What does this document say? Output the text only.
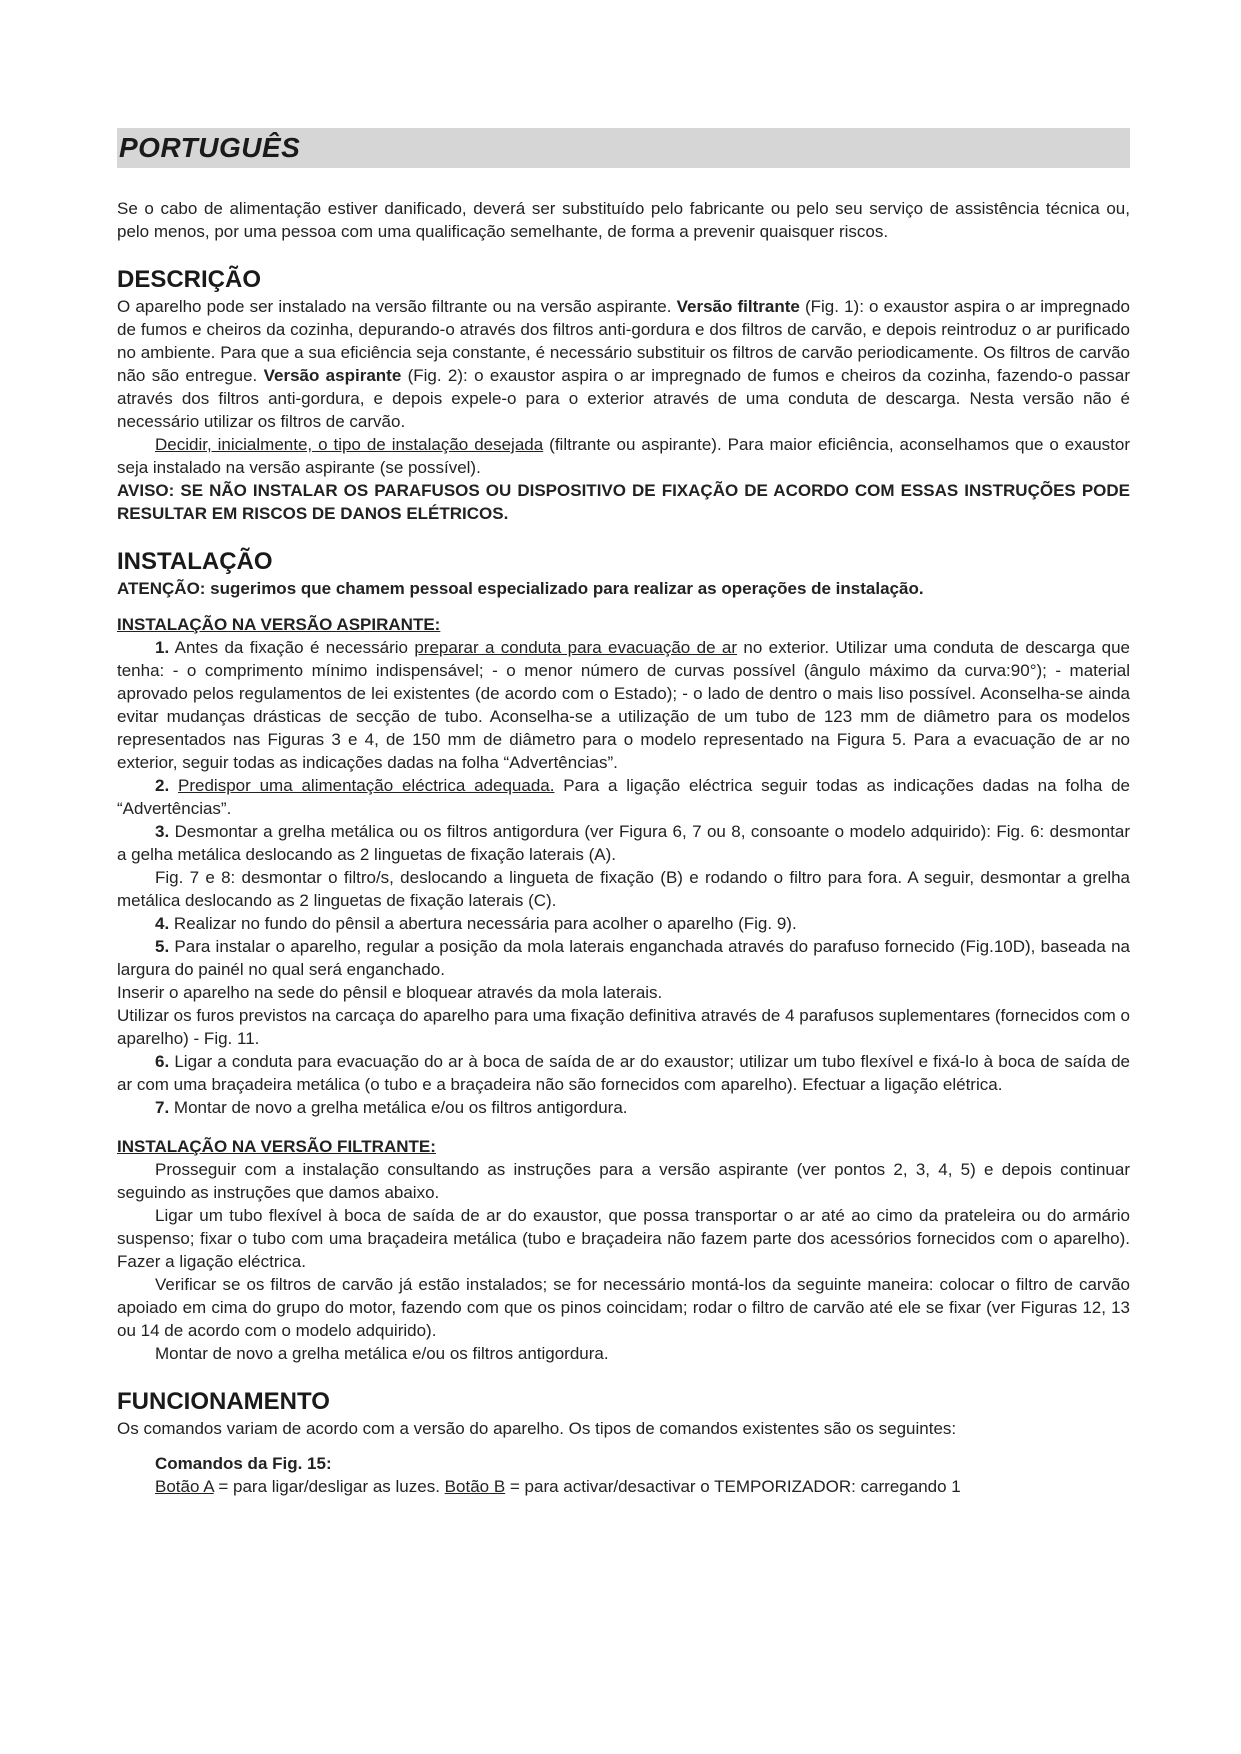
PORTUGUÊS

Se o cabo de alimentação estiver danificado, deverá ser substituído pelo fabricante ou pelo seu serviço de assistência técnica ou, pelo menos, por uma pessoa com uma qualificação semelhante, de forma a prevenir quaisquer riscos.

DESCRIÇÃO

O aparelho pode ser instalado na versão filtrante ou na versão aspirante. Versão filtrante (Fig. 1): o exaustor aspira o ar impregnado de fumos e cheiros da cozinha, depurando-o através dos filtros anti-gordura e dos filtros de carvão, e depois reintroduz o ar purificado no ambiente. Para que a sua eficiência seja constante, é necessário substituir os filtros de carvão periodicamente. Os filtros de carvão não são entregue. Versão aspirante (Fig. 2): o exaustor aspira o ar impregnado de fumos e cheiros da cozinha, fazendo-o passar através dos filtros anti-gordura, e depois expele-o para o exterior através de uma conduta de descarga. Nesta versão não é necessário utilizar os filtros de carvão.

Decidir, inicialmente, o tipo de instalação desejada (filtrante ou aspirante). Para maior eficiência, aconselhamos que o exaustor seja instalado na versão aspirante (se possível).

AVISO: SE NÃO INSTALAR OS PARAFUSOS OU DISPOSITIVO DE FIXAÇÃO DE ACORDO COM ESSAS INSTRUÇÕES PODE RESULTAR EM RISCOS DE DANOS ELÉTRICOS.

INSTALAÇÃO

ATENÇÃO: sugerimos que chamem pessoal especializado para realizar as operações de instalação.

INSTALAÇÃO NA VERSÃO ASPIRANTE:

1. Antes da fixação é necessário preparar a conduta para evacuação de ar no exterior. Utilizar uma conduta de descarga que tenha: - o comprimento mínimo indispensável; - o menor número de curvas possível (ângulo máximo da curva:90°); - material aprovado pelos regulamentos de lei existentes (de acordo com o Estado); - o lado de dentro o mais liso possível. Aconselha-se ainda evitar mudanças drásticas de secção de tubo. Aconselha-se a utilização de um tubo de 123 mm de diâmetro para os modelos representados nas Figuras 3 e 4, de 150 mm de diâmetro para o modelo representado na Figura 5. Para a evacuação de ar no exterior, seguir todas as indicações dadas na folha “Advertências”.

2. Predispor uma alimentação eléctrica adequada. Para a ligação eléctrica seguir todas as indicações dadas na folha de “Advertências”.

3. Desmontar a grelha metálica ou os filtros antigordura (ver Figura 6, 7 ou 8, consoante o modelo adquirido): Fig. 6: desmontar a gelha metálica deslocando as 2 linguetas de fixação laterais (A).

Fig. 7 e 8: desmontar o filtro/s, deslocando a lingueta de fixação (B) e rodando o filtro para fora. A seguir, desmontar a grelha metálica deslocando as 2 linguetas de fixação laterais (C).

4. Realizar no fundo do pênsil a abertura necessária para acolher o aparelho (Fig. 9).

5. Para instalar o aparelho, regular a posição da mola laterais enganchada através do parafuso fornecido (Fig.10D), baseada na largura do painél no qual será enganchado.

Inserir o aparelho na sede do pênsil e bloquear através da mola laterais.

Utilizar os furos previstos na carcaça do aparelho para uma fixação definitiva através de 4 parafusos suplementares (fornecidos com o aparelho) - Fig. 11.

6. Ligar a conduta para evacuação do ar à boca de saída de ar do exaustor; utilizar um tubo flexível e fixá-lo à boca de saída de ar com uma braçadeira metálica (o tubo e a braçadeira não são fornecidos com aparelho). Efectuar a ligação elétrica.

7. Montar de novo a grelha metálica e/ou os filtros antigordura.

INSTALAÇÃO NA VERSÃO FILTRANTE:

Prosseguir com a instalação consultando as instruções para a versão aspirante (ver pontos 2, 3, 4, 5) e depois continuar seguindo as instruções que damos abaixo.

Ligar um tubo flexível à boca de saída de ar do exaustor, que possa transportar o ar até ao cimo da prateleira ou do armário suspenso; fixar o tubo com uma braçadeira metálica (tubo e braçadeira não fazem parte dos acessórios fornecidos com o aparelho). Fazer a ligação eléctrica.

Verificar se os filtros de carvão já estão instalados; se for necessário montá-los da seguinte maneira: colocar o filtro de carvão apoiado em cima do grupo do motor, fazendo com que os pinos coincidam; rodar o filtro de carvão até ele se fixar (ver Figuras 12, 13 ou 14 de acordo com o modelo adquirido).

Montar de novo a grelha metálica e/ou os filtros antigordura.

FUNCIONAMENTO

Os comandos variam de acordo com a versão do aparelho. Os tipos de comandos existentes são os seguintes:

Comandos da Fig. 15:

Botão A = para ligar/desligar as luzes. Botão B = para activar/desactivar o TEMPORIZADOR: carregando 1
